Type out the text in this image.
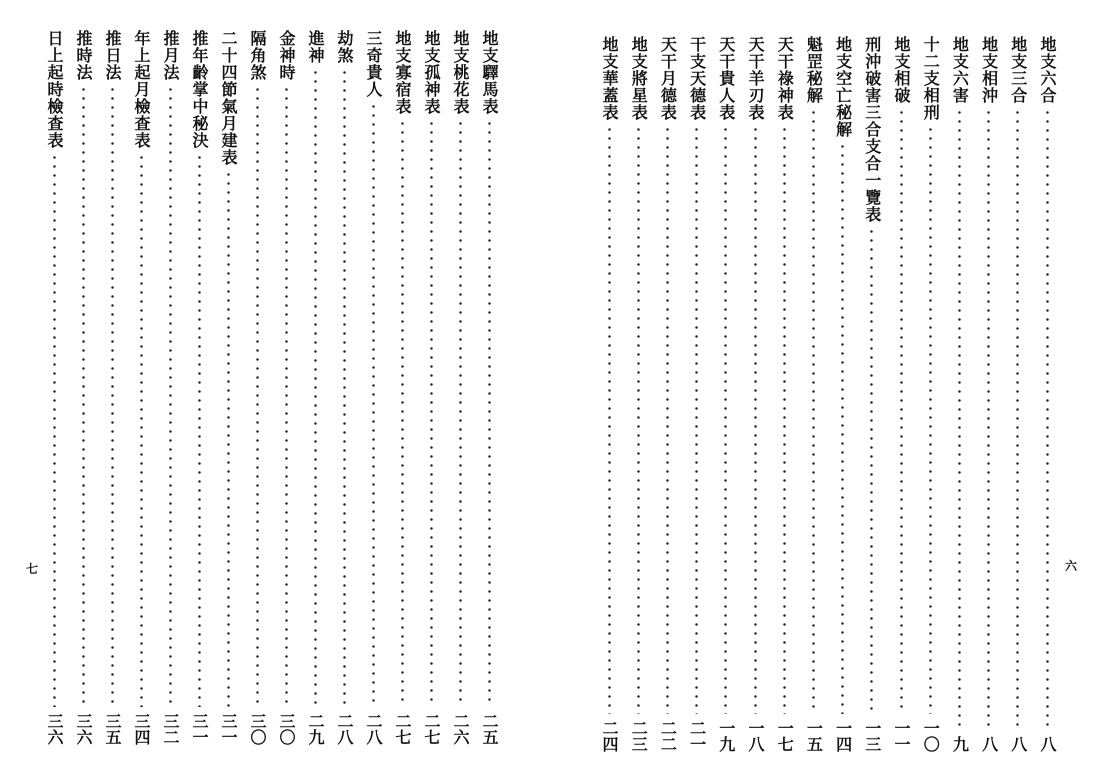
七
地支驛馬表
二五
地支桃花表
二六
地支孤神表
二七
地支寡宿表
二七
三奇貴人
二八
劫煞
二八
進神
二九
金神時
三〇
隔角煞
三〇
二十四節氣月建表
三一
推年齡掌中秘決
三一
推月法
三二
年上起月檢查表
三四
推日法
三五
推時法
三六
日上起時檢查表
三六
六
地支六合
八
地支三合
八
地支相沖
八
地支六害
九
十二支相刑
一〇
地支相破
一一
刑沖破害三合支合一覽表
一三
地支空亡秘解
一四
魁罡秘解
一五
天干祿神表
一七
天干羊刃表
一八
天干貴人表
一九
干支天德表
二一
天干月德表
二二
地支將星表
二三
地支華蓋表
二四
